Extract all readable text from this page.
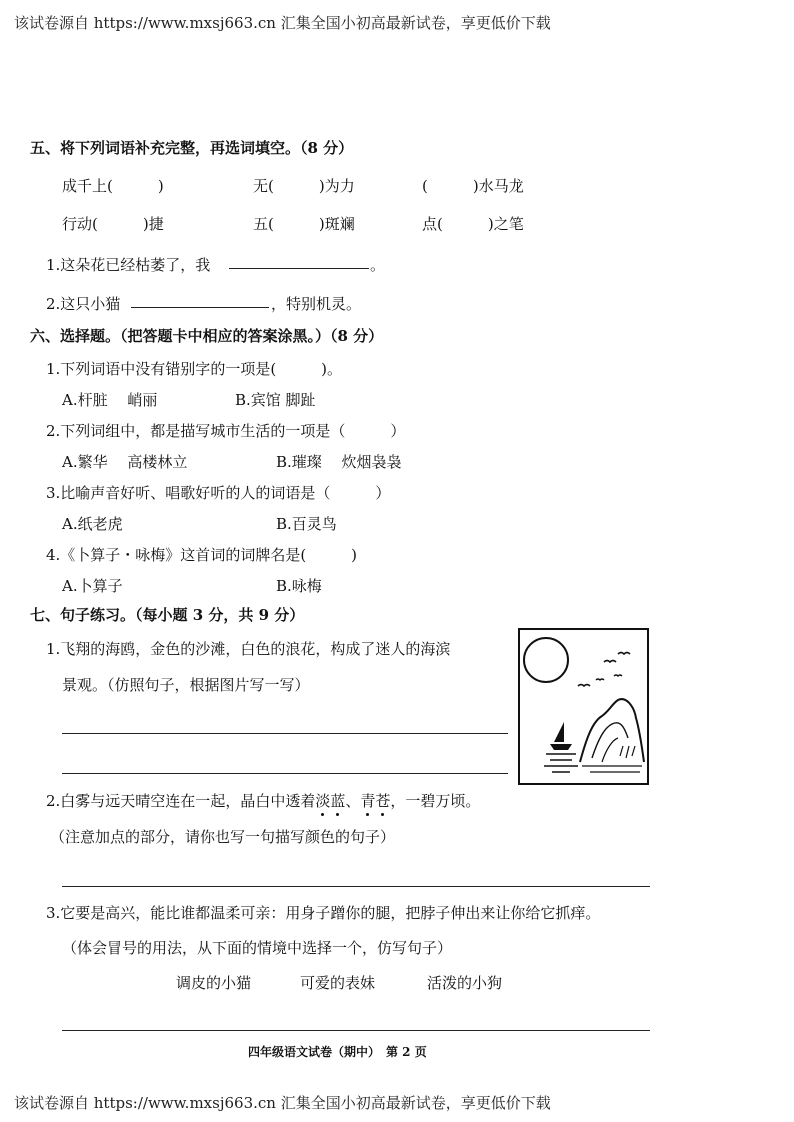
该试卷源自 https://www.mxsj663.cn 汇集全国小初高最新试卷，享更低价下载
该试卷源自 https://www.mxsj663.cn 汇集全国小初高最新试卷，享更低价下载
五、将下列词语补充完整，再选词填空。（8 分）
成千上(　　　)	无(　　　)为力	(　　　)水马龙
行动(　　　)捷	五(　　　)斑斓	点(　　　)之笔
1.这朵花已经枯萎了，我	。
2.这只小猫	，特别机灵。
六、选择题。（把答题卡中相应的答案涂黑。）（8 分）
1.下列词语中没有错别字的一项是(　　　)。
A.杆脏　 峭丽	B.宾馆 脚趾
2.下列词组中，都是描写城市生活的一项是（　　　）
A.繁华　 高楼林立	B.璀璨　 炊烟袅袅
3.比喻声音好听、唱歌好听的人的词语是（　　　）
A.纸老虎	B.百灵鸟
4.《卜算子・咏梅》这首词的词牌名是(　　　)
A.卜算子	B.咏梅
七、句子练习。（每小题 3 分，共 9 分）
1.飞翔的海鸥，金色的沙滩，白色的浪花，构成了迷人的海滨
景观。（仿照句子，根据图片写一写）
2.白雾与远天晴空连在一起，晶白中透着淡蓝、青苍，一碧万顷。
（注意加点的部分，请你也写一句描写颜色的句子）
3.它要是高兴，能比谁都温柔可亲：用身子蹭你的腿，把脖子伸出来让你给它抓痒。
（体会冒号的用法，从下面的情境中选择一个，仿写句子）
调皮的小猫	可爱的表妹	活泼的小狗
四年级语文试卷（期中）　第 2 页
